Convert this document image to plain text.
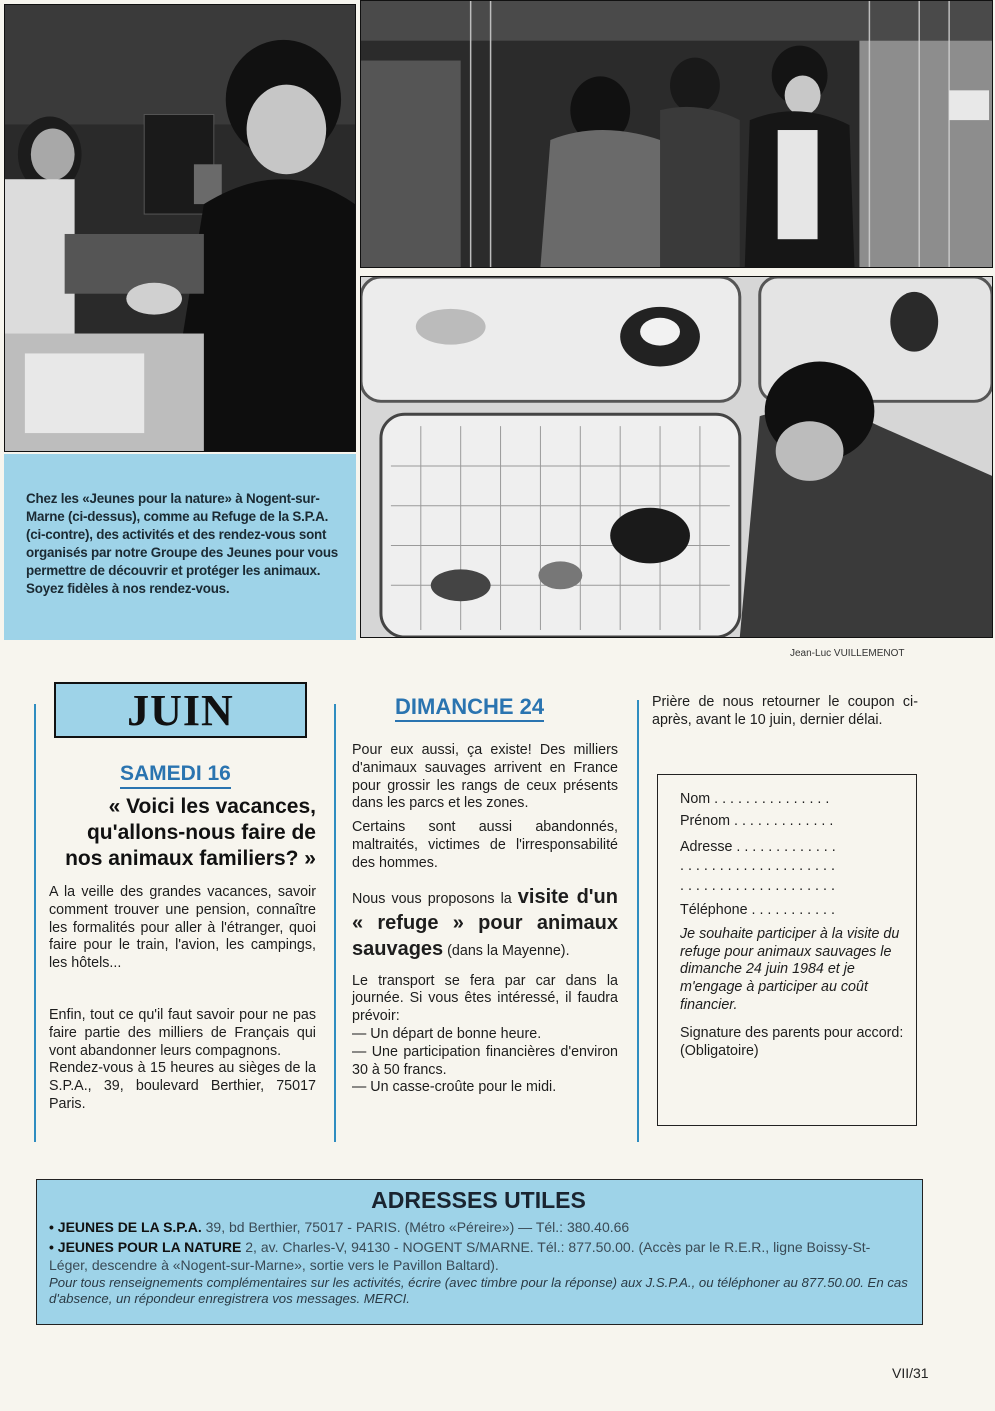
Chez les «Jeunes pour la nature» à Nogent-sur-Marne (ci-dessus), comme au Refuge de la S.P.A. (ci-contre), des activités et des rendez-vous sont organisés par notre Groupe des Jeunes pour vous permettre de découvrir et protéger les animaux. Soyez fidèles à nos rendez-vous.

Jean-Luc VUILLEMENOT
JUIN
SAMEDI 16
« Voici les vacances, qu'allons-nous faire de nos animaux familiers? »

A la veille des grandes vacances, savoir comment trouver une pension, connaître les formalités pour aller à l'étranger, quoi faire pour le train, l'avion, les campings, les hôtels...

Enfin, tout ce qu'il faut savoir pour ne pas faire partie des milliers de Français qui vont abandonner leurs compagnons.

Rendez-vous à 15 heures au sièges de la S.P.A., 39, boulevard Berthier, 75017 Paris.

DIMANCHE 24

Pour eux aussi, ça existe! Des milliers d'animaux sauvages arrivent en France pour grossir les rangs de ceux présents dans les parcs et les zones.

Certains sont aussi abandonnés, maltraités, victimes de l'irresponsabilité des hommes.

Nous vous proposons la visite d'un « refuge » pour animaux sauvages (dans la Mayenne).

Le transport se fera par car dans la journée. Si vous êtes intéressé, il faudra prévoir:

— Un départ de bonne heure.

— Une participation financières d'environ 30 à 50 francs.

— Un casse-croûte pour le midi.

Prière de nous retourner le coupon ci-après, avant le 10 juin, dernier délai.
Nom . . . . . . . . . . . . . . .
Prénom . . . . . . . . . . . . .
Adresse . . . . . . . . . . . . .
. . . . . . . . . . . . . . . . . . . .
. . . . . . . . . . . . . . . . . . . .
Téléphone . . . . . . . . . . .

Je souhaite participer à la visite du refuge pour animaux sauvages le dimanche 24 juin 1984 et je m'engage à participer au coût financier.

Signature des parents pour accord: (Obligatoire)

ADRESSES UTILES
• JEUNES DE LA S.P.A. 39, bd Berthier, 75017 - PARIS. (Métro «Péreire») — Tél.: 380.40.66
• JEUNES POUR LA NATURE 2, av. Charles-V, 94130 - NOGENT S/MARNE. Tél.: 877.50.00. (Accès par le R.E.R., ligne Boissy-St-Léger, descendre à «Nogent-sur-Marne», sortie vers le Pavillon Baltard).
Pour tous renseignements complémentaires sur les activités, écrire (avec timbre pour la réponse) aux J.S.P.A., ou téléphoner au 877.50.00. En cas d'absence, un répondeur enregistrera vos messages. MERCI.
VII/31
